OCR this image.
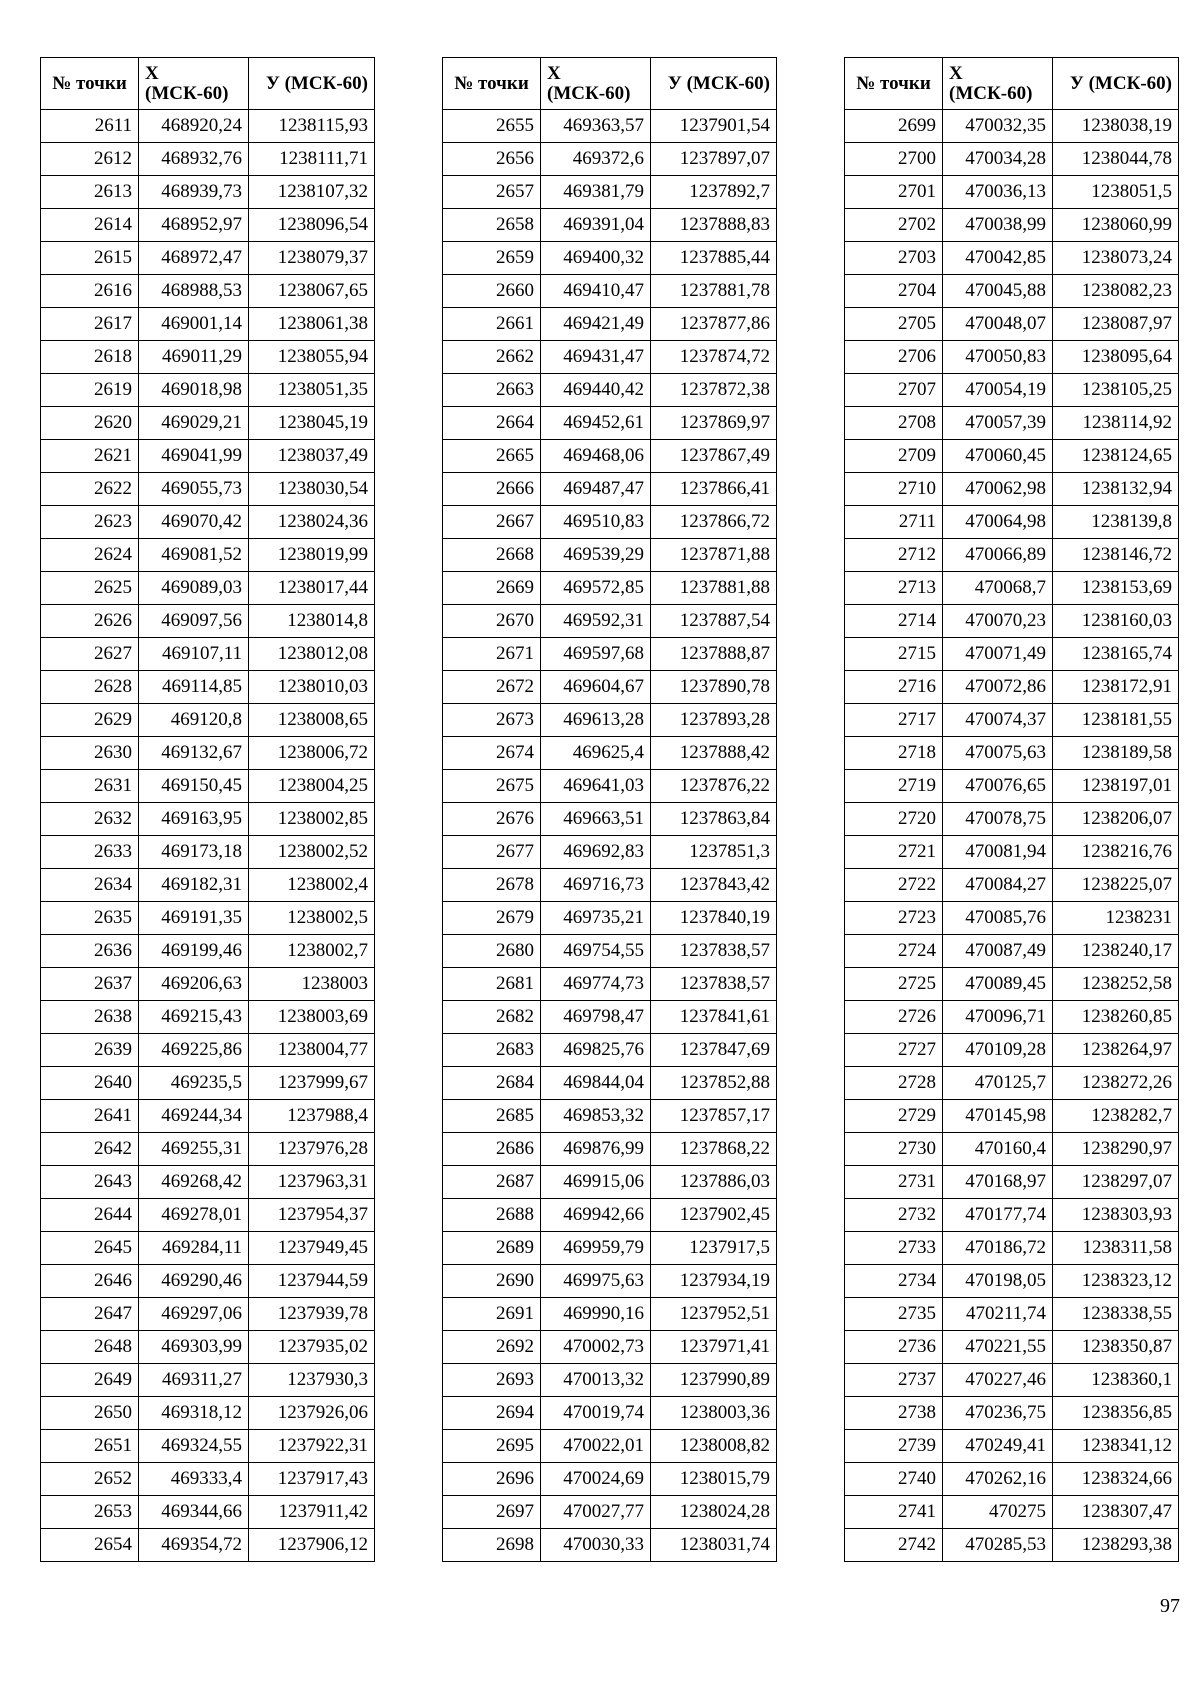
№ точки	X (МСК-60)	У (МСК-60)
2611	468920,24	1238115,93
2612	468932,76	1238111,71
2613	468939,73	1238107,32
2614	468952,97	1238096,54
2615	468972,47	1238079,37
2616	468988,53	1238067,65
2617	469001,14	1238061,38
2618	469011,29	1238055,94
2619	469018,98	1238051,35
2620	469029,21	1238045,19
2621	469041,99	1238037,49
2622	469055,73	1238030,54
2623	469070,42	1238024,36
2624	469081,52	1238019,99
2625	469089,03	1238017,44
2626	469097,56	1238014,8
2627	469107,11	1238012,08
2628	469114,85	1238010,03
2629	469120,8	1238008,65
2630	469132,67	1238006,72
2631	469150,45	1238004,25
2632	469163,95	1238002,85
2633	469173,18	1238002,52
2634	469182,31	1238002,4
2635	469191,35	1238002,5
2636	469199,46	1238002,7
2637	469206,63	1238003
2638	469215,43	1238003,69
2639	469225,86	1238004,77
2640	469235,5	1237999,67
2641	469244,34	1237988,4
2642	469255,31	1237976,28
2643	469268,42	1237963,31
2644	469278,01	1237954,37
2645	469284,11	1237949,45
2646	469290,46	1237944,59
2647	469297,06	1237939,78
2648	469303,99	1237935,02
2649	469311,27	1237930,3
2650	469318,12	1237926,06
2651	469324,55	1237922,31
2652	469333,4	1237917,43
2653	469344,66	1237911,42
2654	469354,72	1237906,12
№ точки	X (МСК-60)	У (МСК-60)
2655	469363,57	1237901,54
2656	469372,6	1237897,07
2657	469381,79	1237892,7
2658	469391,04	1237888,83
2659	469400,32	1237885,44
2660	469410,47	1237881,78
2661	469421,49	1237877,86
2662	469431,47	1237874,72
2663	469440,42	1237872,38
2664	469452,61	1237869,97
2665	469468,06	1237867,49
2666	469487,47	1237866,41
2667	469510,83	1237866,72
2668	469539,29	1237871,88
2669	469572,85	1237881,88
2670	469592,31	1237887,54
2671	469597,68	1237888,87
2672	469604,67	1237890,78
2673	469613,28	1237893,28
2674	469625,4	1237888,42
2675	469641,03	1237876,22
2676	469663,51	1237863,84
2677	469692,83	1237851,3
2678	469716,73	1237843,42
2679	469735,21	1237840,19
2680	469754,55	1237838,57
2681	469774,73	1237838,57
2682	469798,47	1237841,61
2683	469825,76	1237847,69
2684	469844,04	1237852,88
2685	469853,32	1237857,17
2686	469876,99	1237868,22
2687	469915,06	1237886,03
2688	469942,66	1237902,45
2689	469959,79	1237917,5
2690	469975,63	1237934,19
2691	469990,16	1237952,51
2692	470002,73	1237971,41
2693	470013,32	1237990,89
2694	470019,74	1238003,36
2695	470022,01	1238008,82
2696	470024,69	1238015,79
2697	470027,77	1238024,28
2698	470030,33	1238031,74
№ точки	X (МСК-60)	У (МСК-60)
2699	470032,35	1238038,19
2700	470034,28	1238044,78
2701	470036,13	1238051,5
2702	470038,99	1238060,99
2703	470042,85	1238073,24
2704	470045,88	1238082,23
2705	470048,07	1238087,97
2706	470050,83	1238095,64
2707	470054,19	1238105,25
2708	470057,39	1238114,92
2709	470060,45	1238124,65
2710	470062,98	1238132,94
2711	470064,98	1238139,8
2712	470066,89	1238146,72
2713	470068,7	1238153,69
2714	470070,23	1238160,03
2715	470071,49	1238165,74
2716	470072,86	1238172,91
2717	470074,37	1238181,55
2718	470075,63	1238189,58
2719	470076,65	1238197,01
2720	470078,75	1238206,07
2721	470081,94	1238216,76
2722	470084,27	1238225,07
2723	470085,76	1238231
2724	470087,49	1238240,17
2725	470089,45	1238252,58
2726	470096,71	1238260,85
2727	470109,28	1238264,97
2728	470125,7	1238272,26
2729	470145,98	1238282,7
2730	470160,4	1238290,97
2731	470168,97	1238297,07
2732	470177,74	1238303,93
2733	470186,72	1238311,58
2734	470198,05	1238323,12
2735	470211,74	1238338,55
2736	470221,55	1238350,87
2737	470227,46	1238360,1
2738	470236,75	1238356,85
2739	470249,41	1238341,12
2740	470262,16	1238324,66
2741	470275	1238307,47
2742	470285,53	1238293,38
97
